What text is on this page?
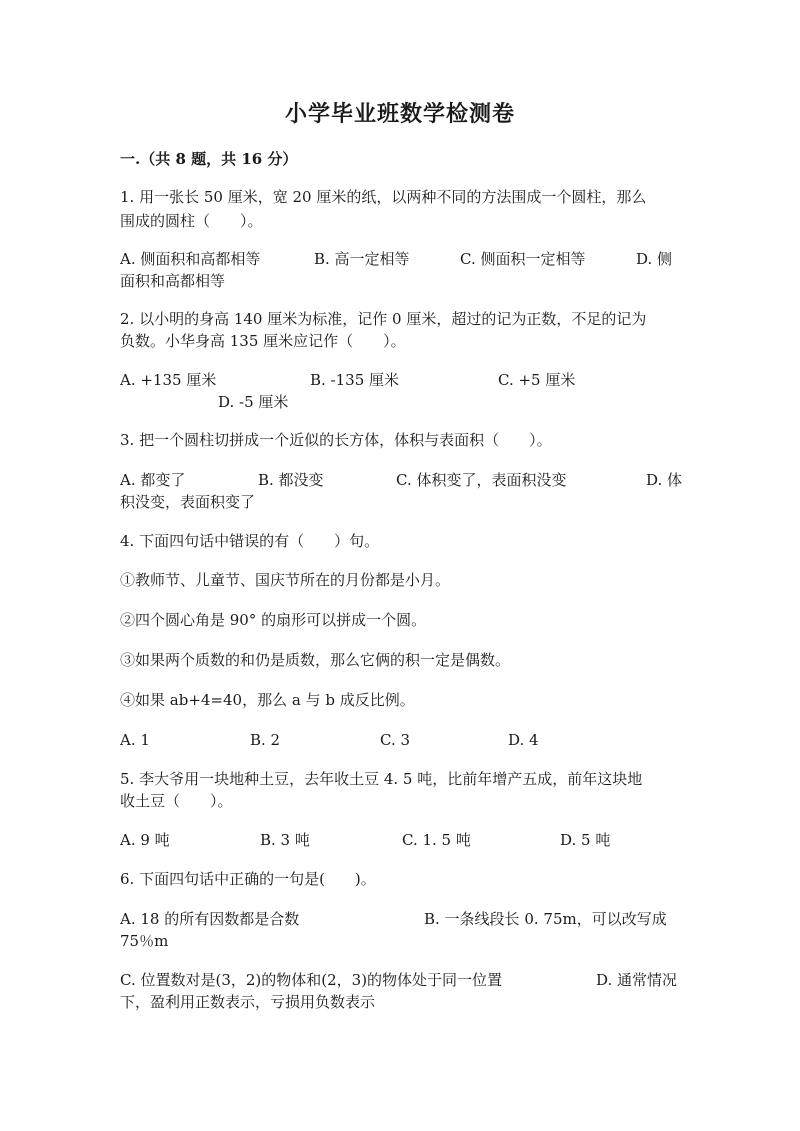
小学毕业班数学检测卷
一.（共 8 题，共 16 分）
1. 用一张长 50 厘米，宽 20 厘米的纸，以两种不同的方法围成一个圆柱，那么
围成的圆柱（　　）。
A. 侧面积和高都相等	B. 高一定相等	C. 侧面积一定相等	D. 侧
面积和高都相等
2. 以小明的身高 140 厘米为标准，记作 0 厘米，超过的记为正数，不足的记为
负数。小华身高 135 厘米应记作（　　）。
A. +135 厘米	B. -135 厘米	C. +5 厘米
D. -5 厘米
3. 把一个圆柱切拼成一个近似的长方体，体积与表面积（　　）。
A. 都变了	B. 都没变	C. 体积变了，表面积没变	D. 体
积没变，表面积变了
4. 下面四句话中错误的有（　　）句。
①教师节、儿童节、国庆节所在的月份都是小月。
②四个圆心角是 90° 的扇形可以拼成一个圆。
③如果两个质数的和仍是质数，那么它俩的积一定是偶数。
④如果 ab+4=40，那么 a 与 b 成反比例。
A. 1	B. 2	C. 3	D. 4
5. 李大爷用一块地种土豆，去年收土豆 4. 5 吨，比前年增产五成，前年这块地
收土豆（　　）。
A. 9 吨	B. 3 吨	C. 1. 5 吨	D. 5 吨
6. 下面四句话中正确的一句是(　　)。
A. 18 的所有因数都是合数	B. 一条线段长 0. 75m，可以改写成
75％m
C. 位置数对是(3，2)的物体和(2，3)的物体处于同一位置	D. 通常情况
下，盈利用正数表示，亏损用负数表示
